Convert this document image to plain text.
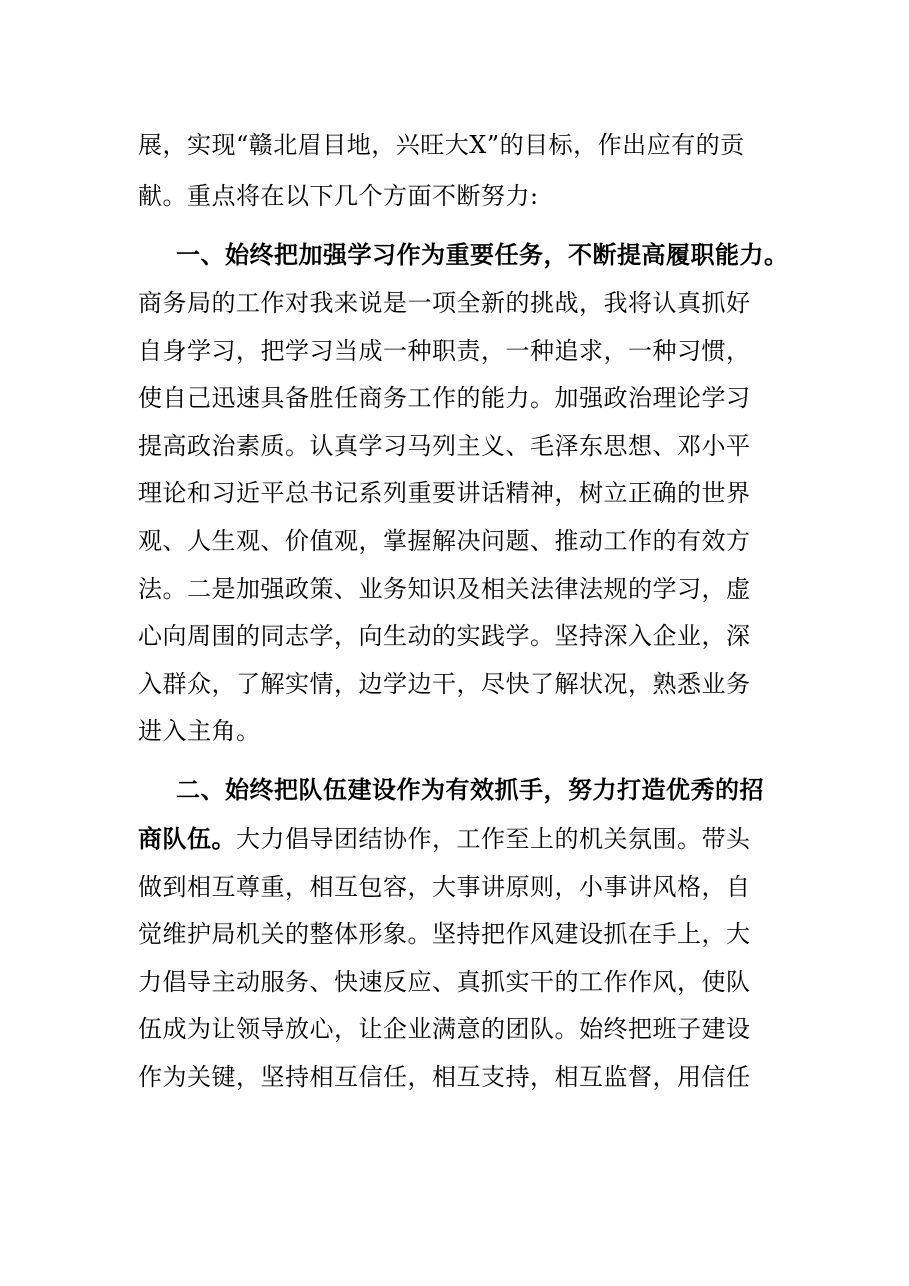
展，实现“赣北眉目地，兴旺大X”的目标，作出应有的贡
献。重点将在以下几个方面不断努力:
一、始终把加强学习作为重要任务，不断提高履职能力。
商务局的工作对我来说是一项全新的挑战，我将认真抓好
自身学习，把学习当成一种职责，一种追求，一种习惯，
使自己迅速具备胜任商务工作的能力。加强政治理论学习
提高政治素质。认真学习马列主义、毛泽东思想、邓小平
理论和习近平总书记系列重要讲话精神，树立正确的世界
观、人生观、价值观，掌握解决问题、推动工作的有效方
法。二是加强政策、业务知识及相关法律法规的学习，虚
心向周围的同志学，向生动的实践学。坚持深入企业，深
入群众，了解实情，边学边干，尽快了解状况，熟悉业务
进入主角。
二、始终把队伍建设作为有效抓手，努力打造优秀的招
商队伍。大力倡导团结协作，工作至上的机关氛围。带头
做到相互尊重，相互包容，大事讲原则，小事讲风格，自
觉维护局机关的整体形象。坚持把作风建设抓在手上，大
力倡导主动服务、快速反应、真抓实干的工作作风，使队
伍成为让领导放心，让企业满意的团队。始终把班子建设
作为关键，坚持相互信任，相互支持，相互监督，用信任
